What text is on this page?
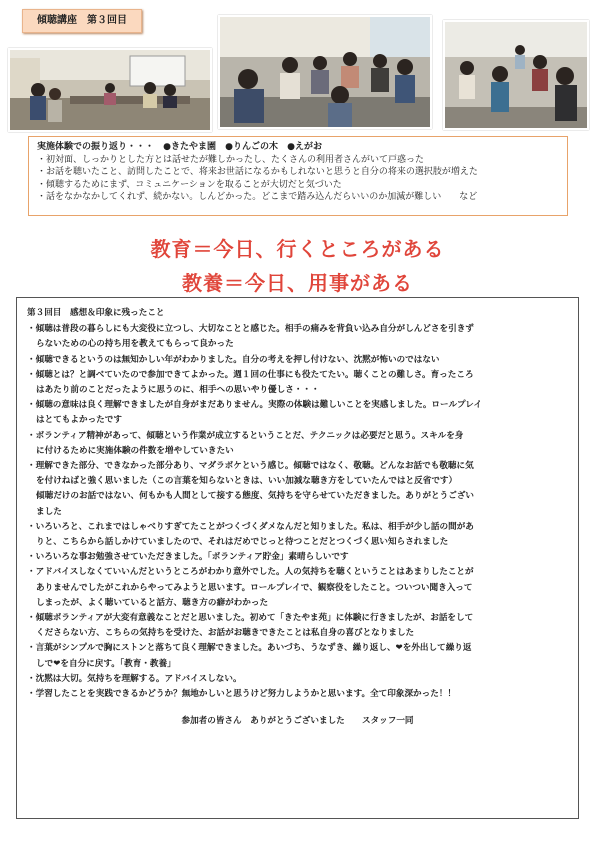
傾聴講座　第３回目
実施体験での振り返り・・・ ●きたやま園 ●りんごの木 ●えがお
・初対面、しっかりとした方とは話せたが難しかったし、たくさんの利用者さんがいて戸惑った
・お話を聴いたこと、訪問したことで、将来お世話になるかもしれないと思うと自分の将来の選択肢が増えた
・傾聴するためにまず、コミュニケーションを取ることが大切だと気づいた
・話をなかなかしてくれず、続かない。しんどかった。どこまで踏み込んだらいいのか加減が難しい　　など
教育＝今日、行くところがある
教養＝今日、用事がある
第３回目　感想＆印象に残ったこと
・傾聴は普段の暮らしにも大変役に立つし、大切なことと感じた。相手の痛みを背負い込み自分がしんどさを引きず
らないための心の持ち用を教えてもらって良かった
・傾聴できるというのは無知かしい年がわかりました。自分の考えを押し付けない、沈黙が怖いのではない
・傾聴とは？と調べていたので参加できてよかった。週１回の仕事にも役たてたい。聴くことの難しさ。育ったころ
はあたり前のことだったように思うのに、相手への思いやり優しさ・・・
・傾聴の意味は良く理解できましたが自身がまだありません。実際の体験は難しいことを実感しました。ロールプレイ
はとてもよかったです
・ボランティア精神があって、傾聴という作業が成立するということだ、テクニックは必要だと思う。スキルを身
に付けるために実施体験の件数を増やしていきたい
・理解できた部分、できなかった部分あり、マダラボケという感じ。傾聴ではなく、敬聴。どんなお話でも敬聴に気
を付けねばと強く思いました（この言葉を知らないときは、いい加減な聴き方をしていたんではと反省です）
傾聴だけのお話ではない、何もかも人間として接する態度、気持ちを守らせていただきました。ありがとうござい
ました
・いろいろと、これまではしゃべりすぎてたことがつくづくダメなんだと知りました。私は、相手が少し話の間があ
りと、こちらから話しかけていましたので、それはだめでじっと待つことだとつくづく思い知らされました
・いろいろな事お勉強させていただきました。「ボランティア貯金」素晴らしいです
・アドバイスしなくていいんだというところがわかり意外でした。人の気持ちを聴くということはあまりしたことが
ありませんでしたがこれからやってみようと思います。ロールプレイで、観察役をしたこと。ついつい聞き入って
しまったが、よく聴いていると話方、聴き方の癖がわかった
・傾聴ボランティアが大変有意義なことだと思いました。初めて「きたやま苑」に体験に行きましたが、お話をして
くださらない方、こちらの気持ちを受けた、お話がお聴きできたことは私自身の喜びとなりました
・言葉がシンプルで胸にストンと落ちて良く理解できました。あいづち、うなずき、繰り返し、❤を外出して繰り返
しで❤を自分に戻す。「教育・教養」
・沈黙は大切。気持ちを理解する。アドバイスしない。
・学習したことを実践できるかどうか？無地かしいと思うけど努力しようかと思います。全て印象深かった！！
参加者の皆さん　ありがとうございました　　スタッフ一同
